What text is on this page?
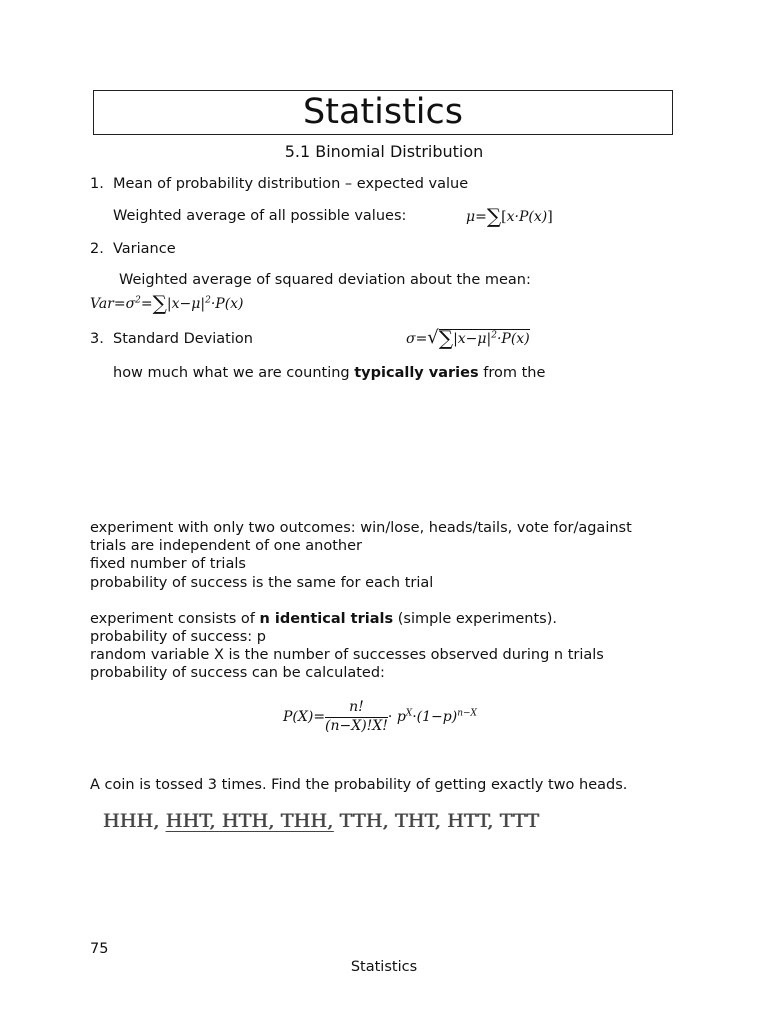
Statistics
5.1 Binomial Distribution
1. Mean of probability distribution – expected value
Weighted average of all possible values:	μ=∑[x·P(x)]
2. Variance
Weighted average of squared deviation about the mean:
$Var=\sigma^2=\sum|x-\mu|^2\cdot P(x)$
3. Standard Deviation	$\sigma=√\sum|x-\mu|^2\cdot P(x)$
how much what we are counting typically varies from the
experiment with only two outcomes: win/lose, heads/tails, vote for/against
trials are independent of one another
fixed number of trials
probability of success is the same for each trial
experiment consists of n identical trials (simple experiments).
probability of success: p
random variable X is the number of successes observed during n trials
probability of success can be calculated:
$P(X)= \frac{n!}{(n-X)!X!} \cdot p^X\cdot(1-p)^{n-X}$
A coin is tossed 3 times. Find the probability of getting exactly two heads.
HHH, HHT, HTH, THH, TTH, THT, HTT, TTT
75
Statistics
